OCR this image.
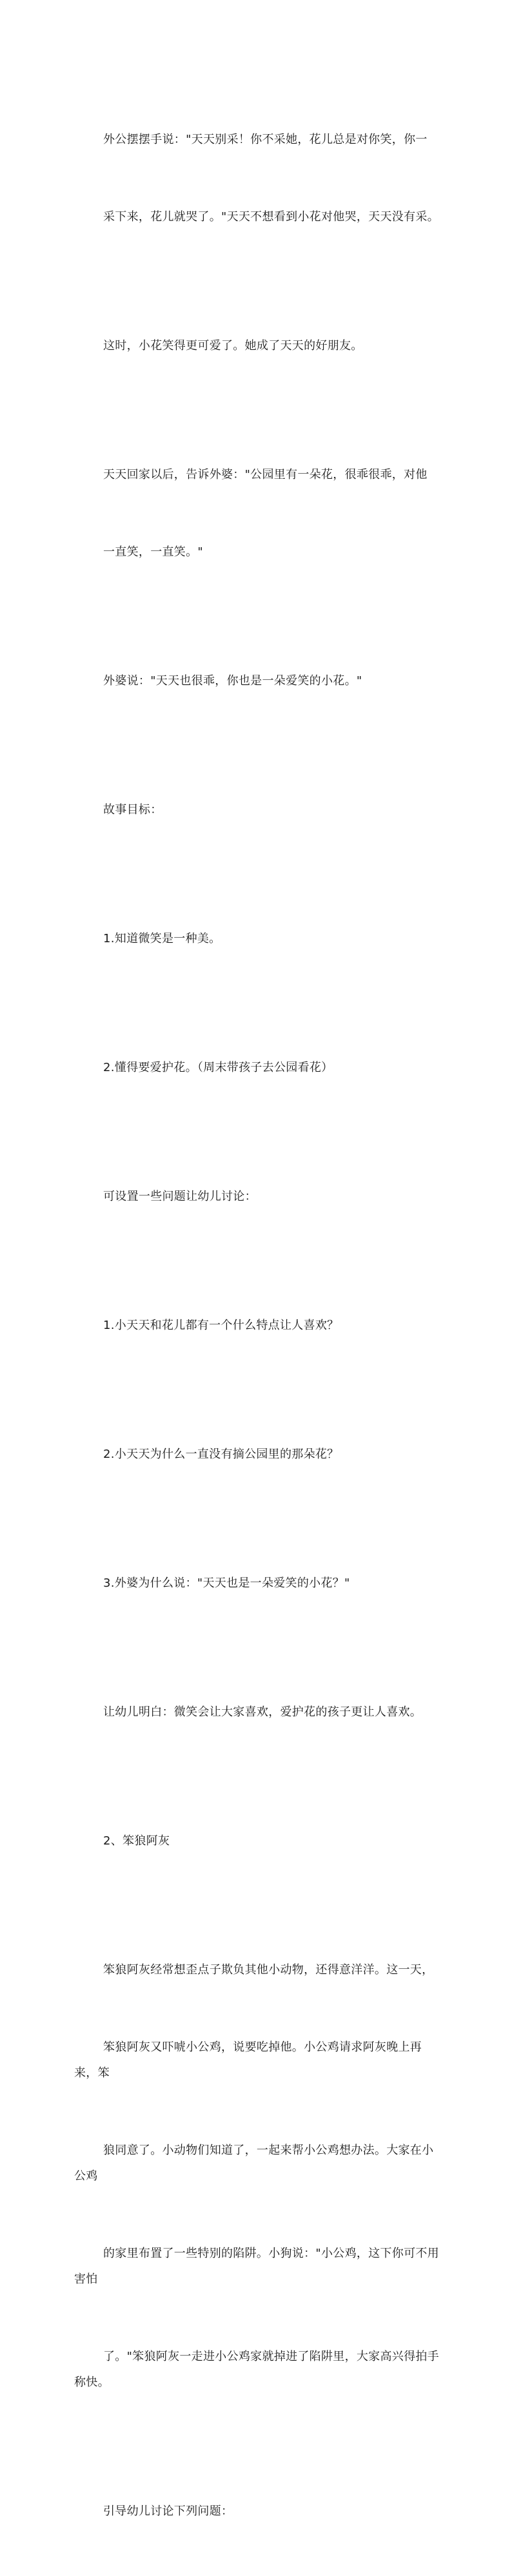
外公摆摆手说："天天别采！你不采她，花儿总是对你笑，你一

采下来，花儿就哭了。"天天不想看到小花对他哭，天天没有采。

这时，小花笑得更可爱了。她成了天天的好朋友。

天天回家以后，告诉外婆："公园里有一朵花，很乖很乖，对他

一直笑，一直笑。"

外婆说："天天也很乖，你也是一朵爱笑的小花。"

故事目标：

1.知道微笑是一种美。

2.懂得要爱护花。（周末带孩子去公园看花）

可设置一些问题让幼儿讨论：

1.小天天和花儿都有一个什么特点让人喜欢？

2.小天天为什么一直没有摘公园里的那朵花？

3.外婆为什么说："天天也是一朵爱笑的小花？"

让幼儿明白：微笑会让大家喜欢，爱护花的孩子更让人喜欢。

2、笨狼阿灰

笨狼阿灰经常想歪点子欺负其他小动物，还得意洋洋。这一天，

笨狼阿灰又吓唬小公鸡，说要吃掉他。小公鸡请求阿灰晚上再来，笨

狼同意了。小动物们知道了，一起来帮小公鸡想办法。大家在小公鸡

的家里布置了一些特别的陷阱。小狗说："小公鸡，这下你可不用害怕

了。"笨狼阿灰一走进小公鸡家就掉进了陷阱里，大家高兴得拍手称快。

引导幼儿讨论下列问题：
